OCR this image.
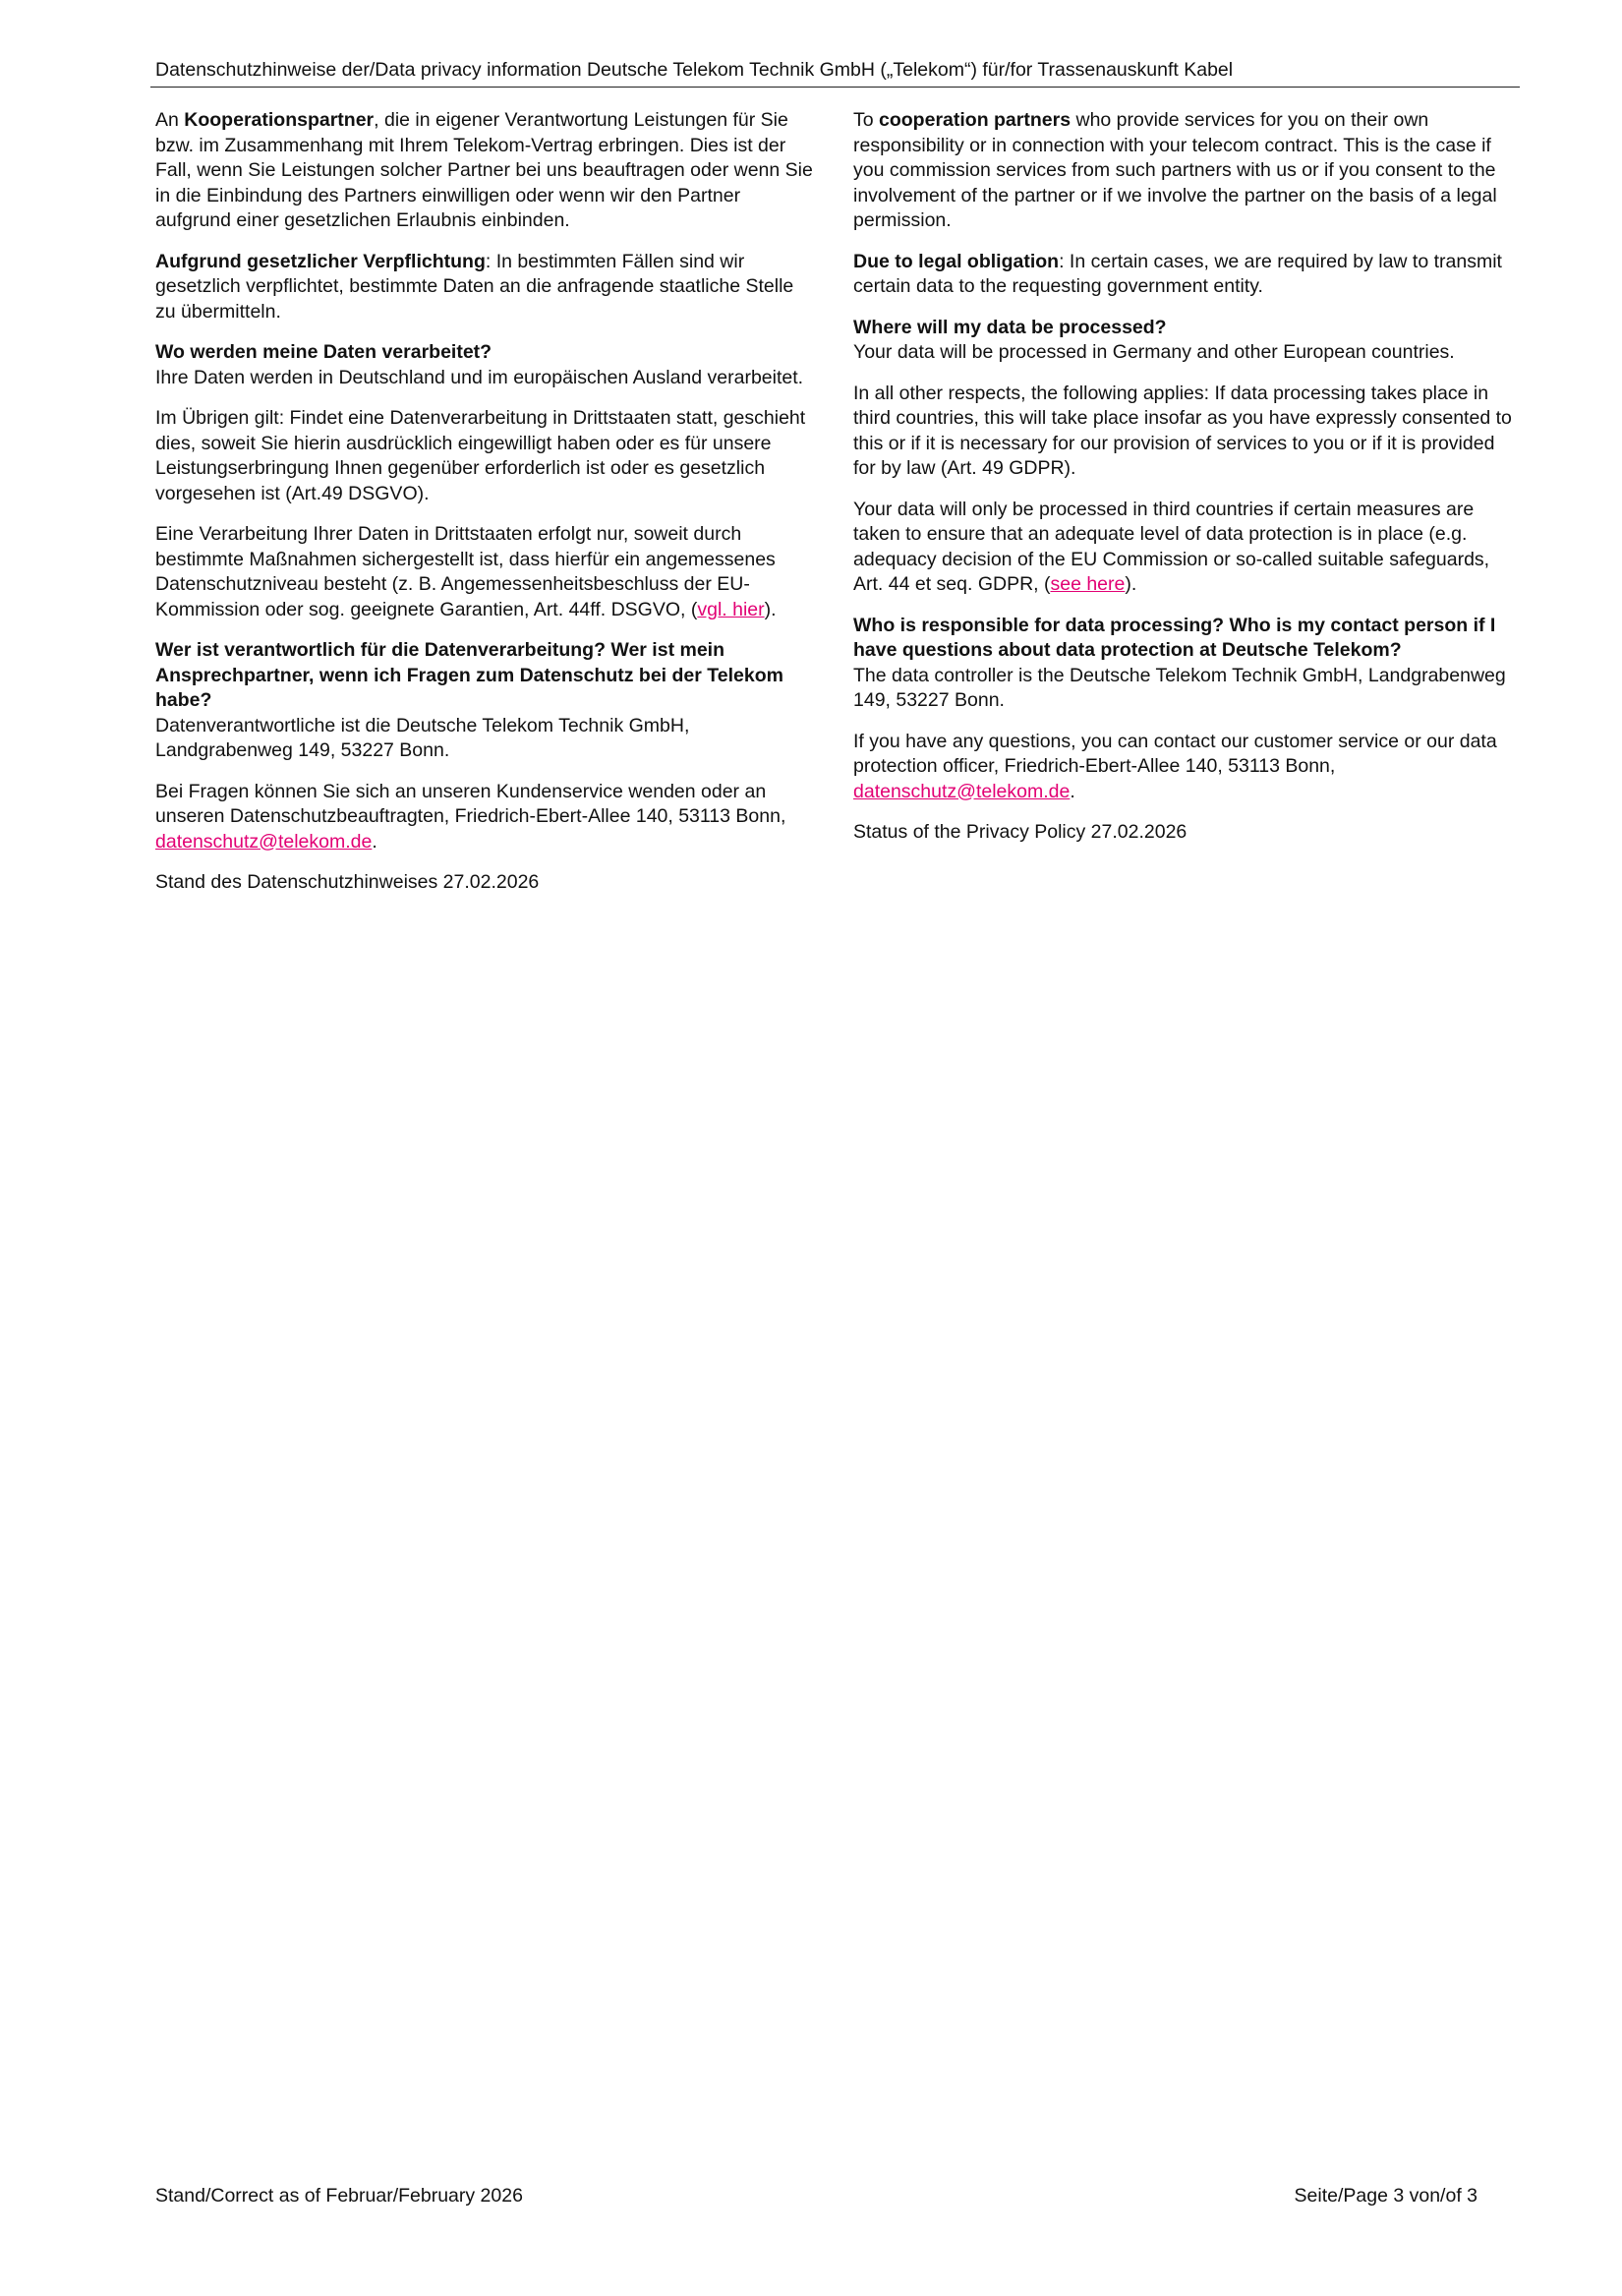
Datenschutzhinweise der/Data privacy information Deutsche Telekom Technik GmbH („Telekom“) für/for Trassenauskunft Kabel

An Kooperationspartner, die in eigener Verantwortung Leistungen für Sie bzw. im Zusammenhang mit Ihrem Telekom-Vertrag erbringen. Dies ist der Fall, wenn Sie Leistungen solcher Partner bei uns beauftragen oder wenn Sie in die Einbindung des Partners einwilligen oder wenn wir den Partner aufgrund einer gesetzlichen Erlaubnis einbinden.

Aufgrund gesetzlicher Verpflichtung: In bestimmten Fällen sind wir gesetzlich verpflichtet, bestimmte Daten an die anfragende staatliche Stelle zu übermitteln.

Wo werden meine Daten verarbeitet?
Ihre Daten werden in Deutschland und im europäischen Ausland verarbeitet.

Im Übrigen gilt: Findet eine Datenverarbeitung in Drittstaaten statt, geschieht dies, soweit Sie hierin ausdrücklich eingewilligt haben oder es für unsere Leistungserbringung Ihnen gegenüber erforderlich ist oder es gesetzlich vorgesehen ist (Art.49 DSGVO).

Eine Verarbeitung Ihrer Daten in Drittstaaten erfolgt nur, soweit durch bestimmte Maßnahmen sichergestellt ist, dass hierfür ein angemessenes Datenschutzniveau besteht (z. B. Angemessenheitsbeschluss der EU-Kommission oder sog. geeignete Garantien, Art. 44ff. DSGVO, (vgl. hier).

Wer ist verantwortlich für die Datenverarbeitung? Wer ist mein Ansprechpartner, wenn ich Fragen zum Datenschutz bei der Telekom habe?
Datenverantwortliche ist die Deutsche Telekom Technik GmbH, Landgrabenweg 149, 53227 Bonn.

Bei Fragen können Sie sich an unseren Kundenservice wenden oder an unseren Datenschutzbeauftragten, Friedrich-Ebert-Allee 140, 53113 Bonn, datenschutz@telekom.de.

Stand des Datenschutzhinweises 27.02.2026

To cooperation partners who provide services for you on their own responsibility or in connection with your telecom contract. This is the case if you commission services from such partners with us or if you consent to the involvement of the partner or if we involve the partner on the basis of a legal permission.

Due to legal obligation: In certain cases, we are required by law to transmit certain data to the requesting government entity.

Where will my data be processed?
Your data will be processed in Germany and other European countries.

In all other respects, the following applies: If data processing takes place in third countries, this will take place insofar as you have expressly consented to this or if it is necessary for our provision of services to you or if it is provided for by law (Art. 49 GDPR).

Your data will only be processed in third countries if certain measures are taken to ensure that an adequate level of data protection is in place (e.g. adequacy decision of the EU Commission or so-called suitable safeguards, Art. 44 et seq. GDPR, (see here).

Who is responsible for data processing? Who is my contact person if I have questions about data protection at Deutsche Telekom?
The data controller is the Deutsche Telekom Technik GmbH, Landgrabenweg 149, 53227 Bonn.

If you have any questions, you can contact our customer service or our data protection officer, Friedrich-Ebert-Allee 140, 53113 Bonn, datenschutz@telekom.de.

Status of the Privacy Policy 27.02.2026

Stand/Correct as of Februar/February 2026	Seite/Page 3 von/of 3
